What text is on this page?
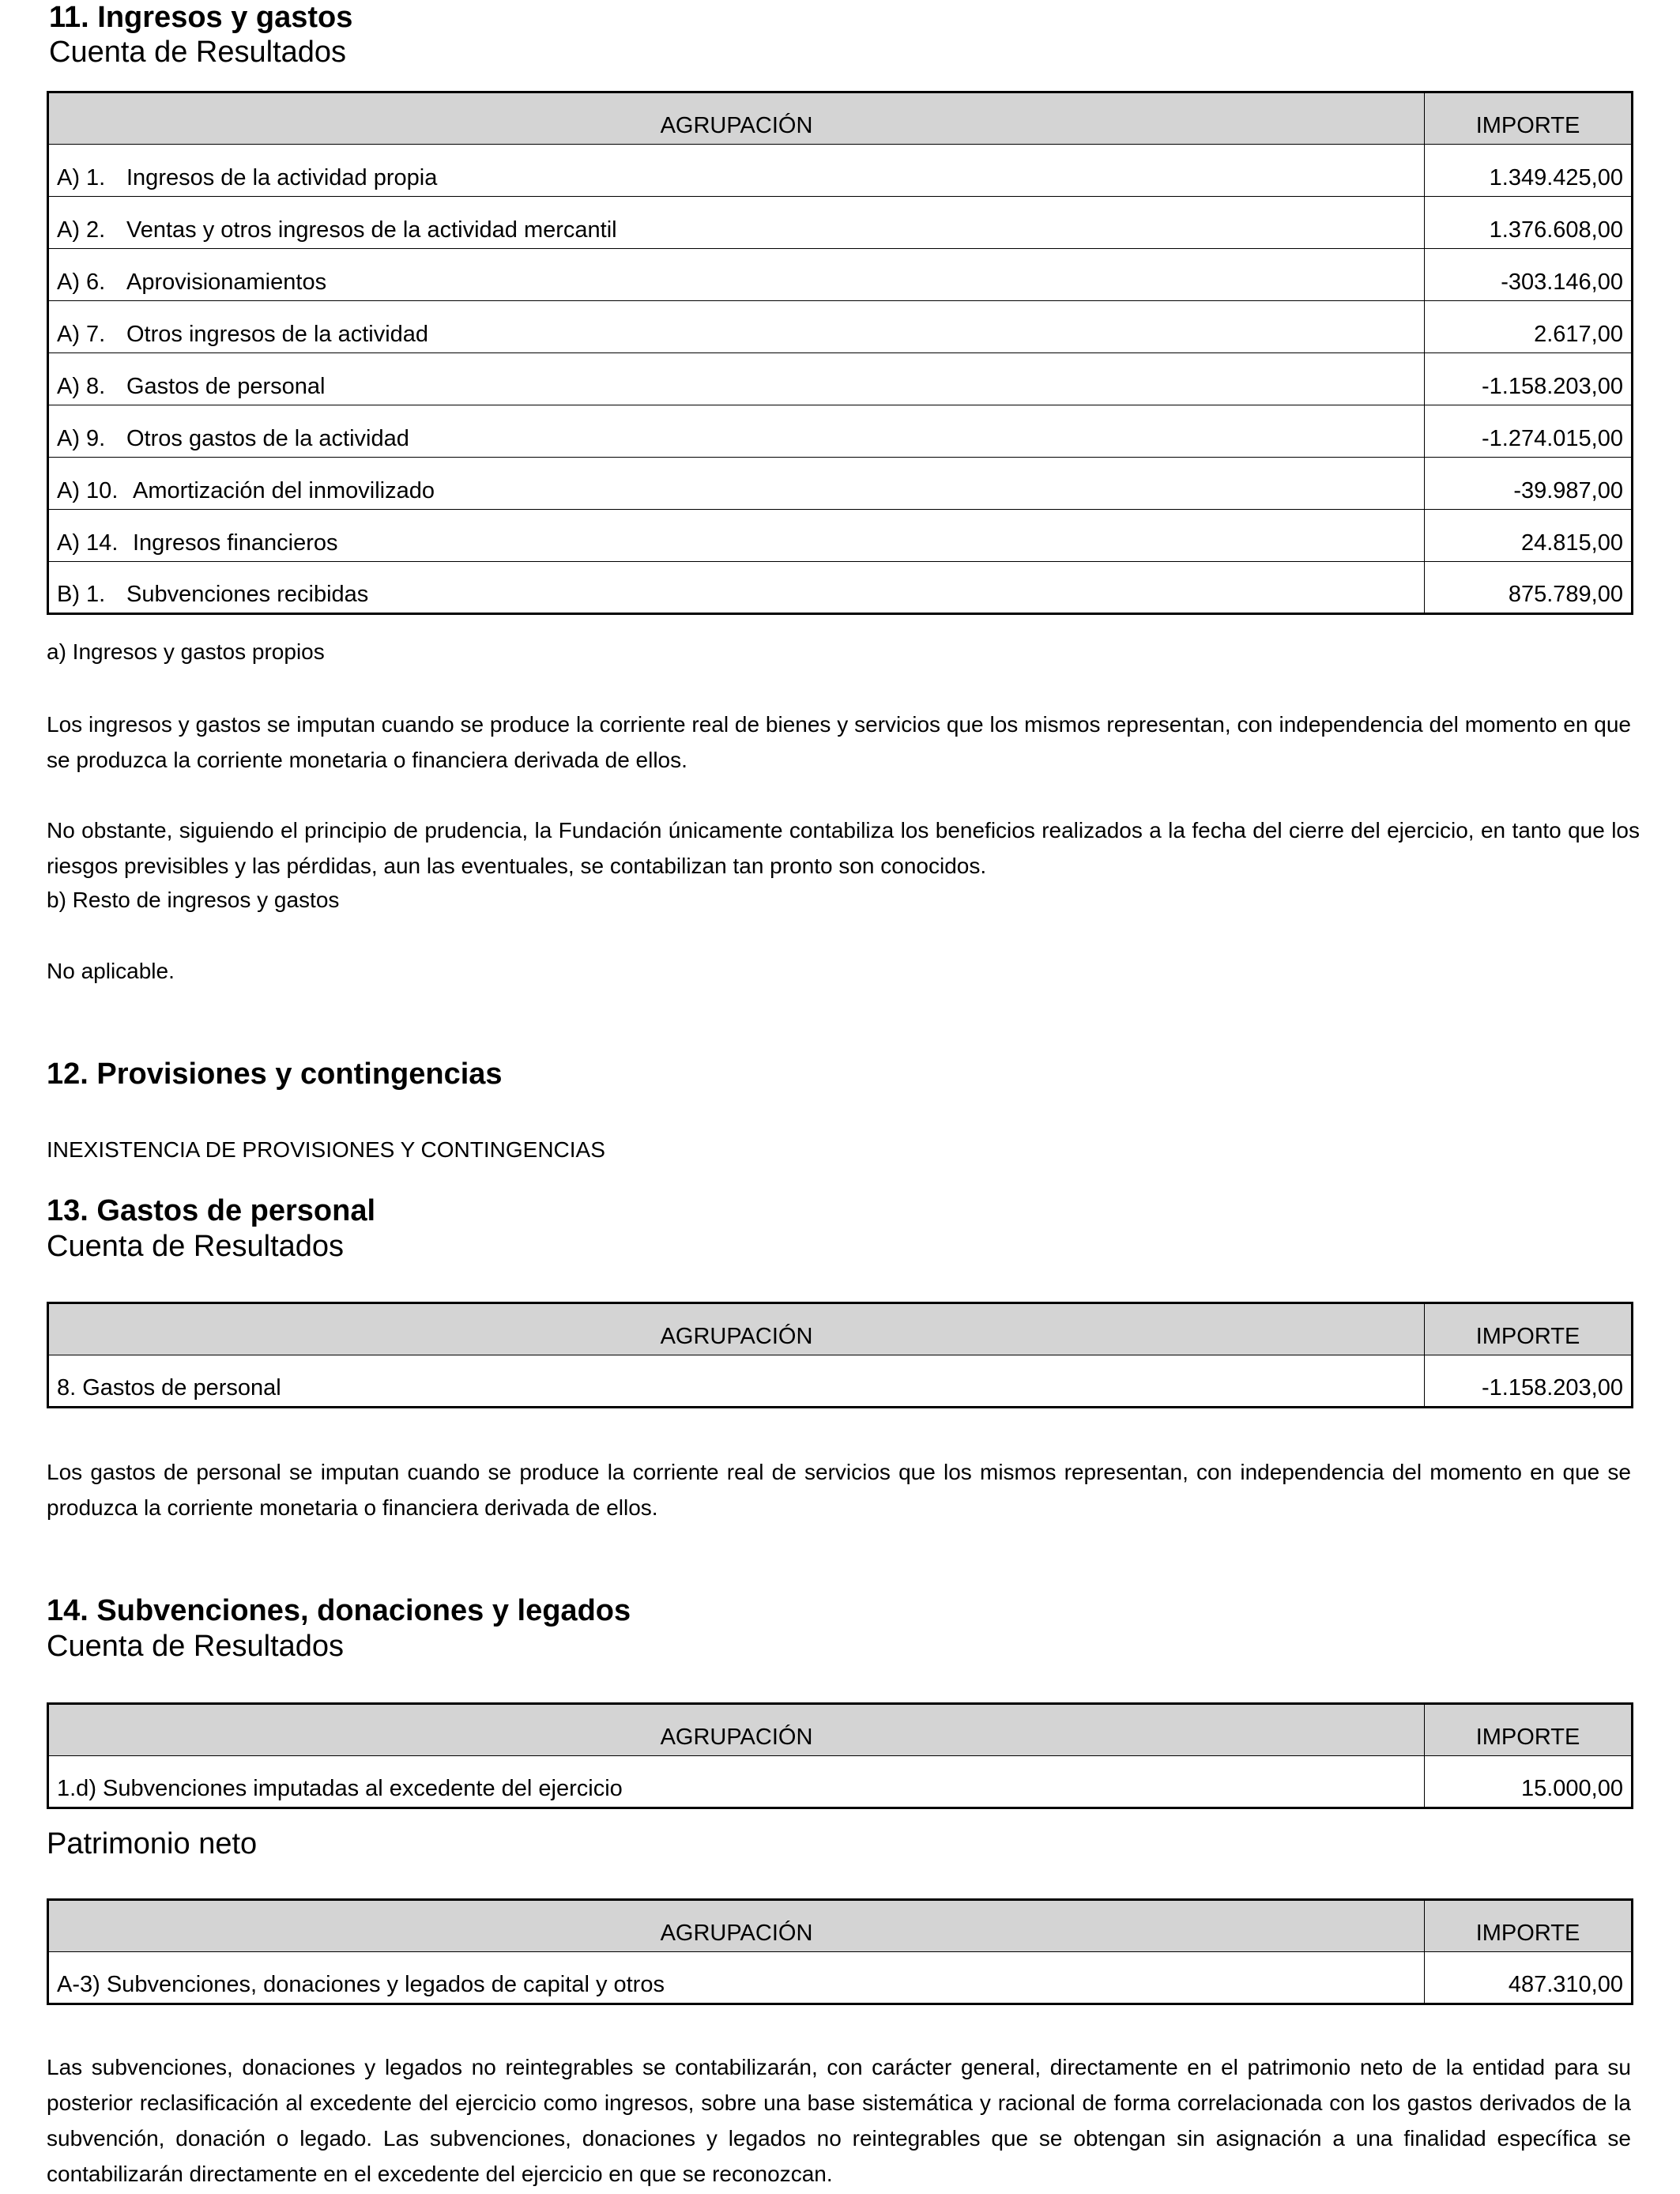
11. Ingresos y gastos
Cuenta de Resultados
AGRUPACIÓN	IMPORTE
A) 1. Ingresos de la actividad propia	1.349.425,00
A) 2. Ventas y otros ingresos de la actividad mercantil	1.376.608,00
A) 6. Aprovisionamientos	-303.146,00
A) 7. Otros ingresos de la actividad	2.617,00
A) 8. Gastos de personal	-1.158.203,00
A) 9. Otros gastos de la actividad	-1.274.015,00
A) 10. Amortización del inmovilizado	-39.987,00
A) 14. Ingresos financieros	24.815,00
B) 1. Subvenciones recibidas	875.789,00
a) Ingresos y gastos propios
Los ingresos y gastos se imputan cuando se produce la corriente real de bienes y servicios que los mismos representan, con independencia del momento en que se produzca la corriente monetaria o financiera derivada de ellos.
No obstante, siguiendo el principio de prudencia, la Fundación únicamente contabiliza los beneficios realizados a la fecha del cierre del ejercicio, en tanto que los riesgos previsibles y las pérdidas, aun las eventuales, se contabilizan tan pronto son conocidos.
b) Resto de ingresos y gastos
No aplicable.
12. Provisiones y contingencias
INEXISTENCIA DE PROVISIONES Y CONTINGENCIAS
13. Gastos de personal
Cuenta de Resultados
AGRUPACIÓN	IMPORTE
8. Gastos de personal	-1.158.203,00
Los gastos de personal se imputan cuando se produce la corriente real de servicios que los mismos representan, con independencia del momento en que se produzca la corriente monetaria o financiera derivada de ellos.
14. Subvenciones, donaciones y legados
Cuenta de Resultados
AGRUPACIÓN	IMPORTE
1.d) Subvenciones imputadas al excedente del ejercicio	15.000,00
Patrimonio neto
AGRUPACIÓN	IMPORTE
A-3) Subvenciones, donaciones y legados de capital y otros	487.310,00
Las subvenciones, donaciones y legados no reintegrables se contabilizarán, con carácter general, directamente en el patrimonio neto de la entidad para su posterior reclasificación al excedente del ejercicio como ingresos, sobre una base sistemática y racional de forma correlacionada con los gastos derivados de la subvención, donación o legado. Las subvenciones, donaciones y legados no reintegrables que se obtengan sin asignación a una finalidad específica se contabilizarán directamente en el excedente del ejercicio en que se reconozcan.
